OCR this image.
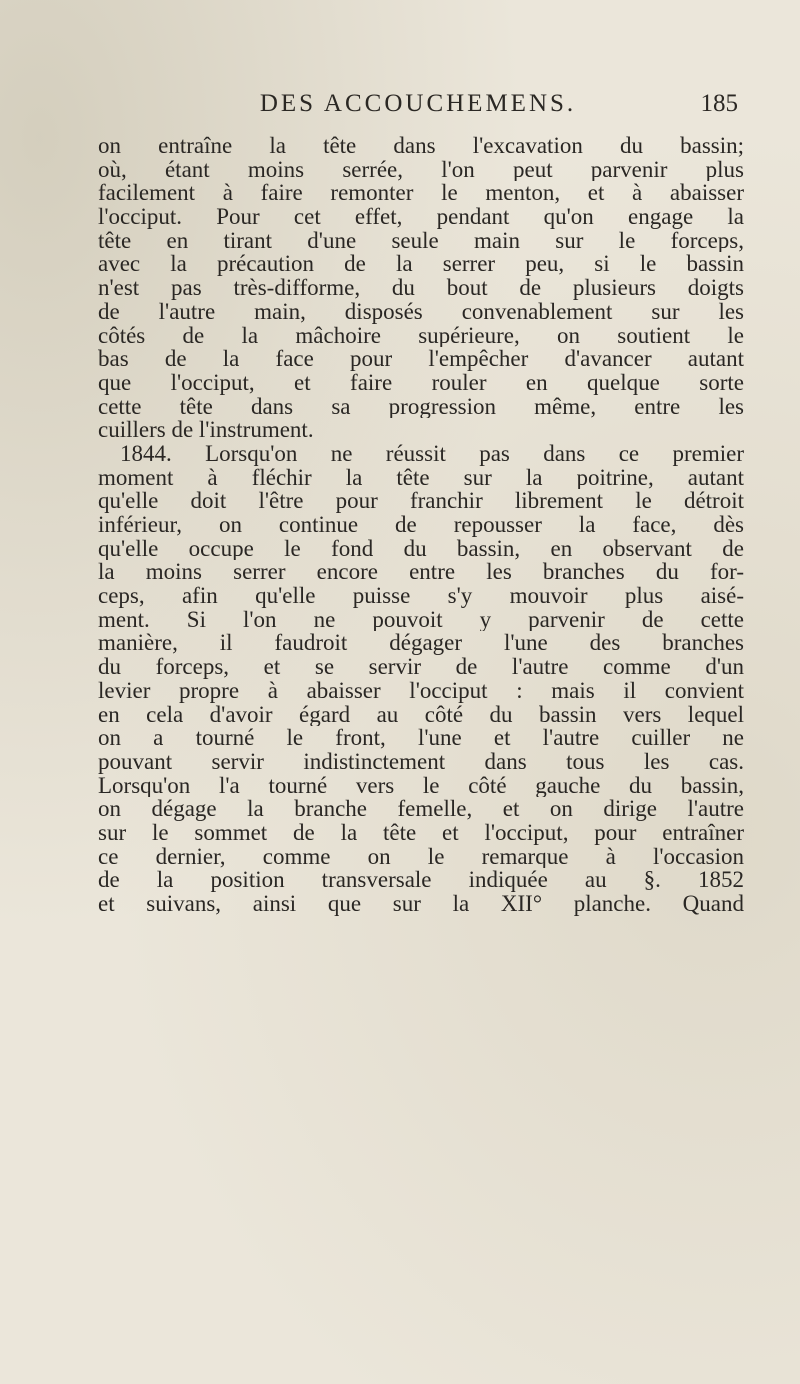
DES ACCOUCHEMENS.	185
on entraîne la tête dans l'excavation du bassin;
où, étant moins serrée, l'on peut parvenir plus
facilement à faire remonter le menton, et à abaisser
l'occiput. Pour cet effet, pendant qu'on engage la
tête en tirant d'une seule main sur le forceps,
avec la précaution de la serrer peu, si le bassin
n'est pas très-difforme, du bout de plusieurs doigts
de l'autre main, disposés convenablement sur les
côtés de la mâchoire supérieure, on soutient le
bas de la face pour l'empêcher d'avancer autant
que l'occiput, et faire rouler en quelque sorte
cette tête dans sa progression même, entre les
cuillers de l'instrument.
1844. Lorsqu'on ne réussit pas dans ce premier
moment à fléchir la tête sur la poitrine, autant
qu'elle doit l'être pour franchir librement le détroit
inférieur, on continue de repousser la face, dès
qu'elle occupe le fond du bassin, en observant de
la moins serrer encore entre les branches du for-
ceps, afin qu'elle puisse s'y mouvoir plus aisé-
ment. Si l'on ne pouvoit y parvenir de cette
manière, il faudroit dégager l'une des branches
du forceps, et se servir de l'autre comme d'un
levier propre à abaisser l'occiput : mais il convient
en cela d'avoir égard au côté du bassin vers lequel
on a tourné le front, l'une et l'autre cuiller ne
pouvant servir indistinctement dans tous les cas.
Lorsqu'on l'a tourné vers le côté gauche du bassin,
on dégage la branche femelle, et on dirige l'autre
sur le sommet de la tête et l'occiput, pour entraîner
ce dernier, comme on le remarque à l'occasion
de la position transversale indiquée au §. 1852
et suivans, ainsi que sur la XII° planche. Quand
